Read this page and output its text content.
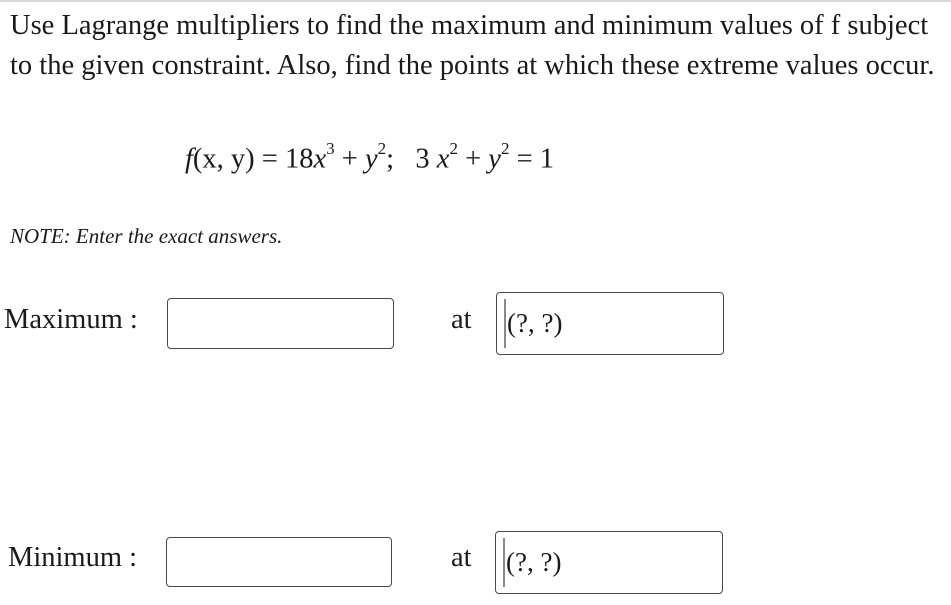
Use Lagrange multipliers to find the maximum and minimum values of f subject to the given constraint. Also, find the points at which these extreme values occur.
f(x, $y) = 18x^3 + y^2$; 3 $x^2 + y^2 = 1$
NOTE: Enter the exact answers.
Maximum :	at
(?, ?)
Minimum :	at
(?, ?)
